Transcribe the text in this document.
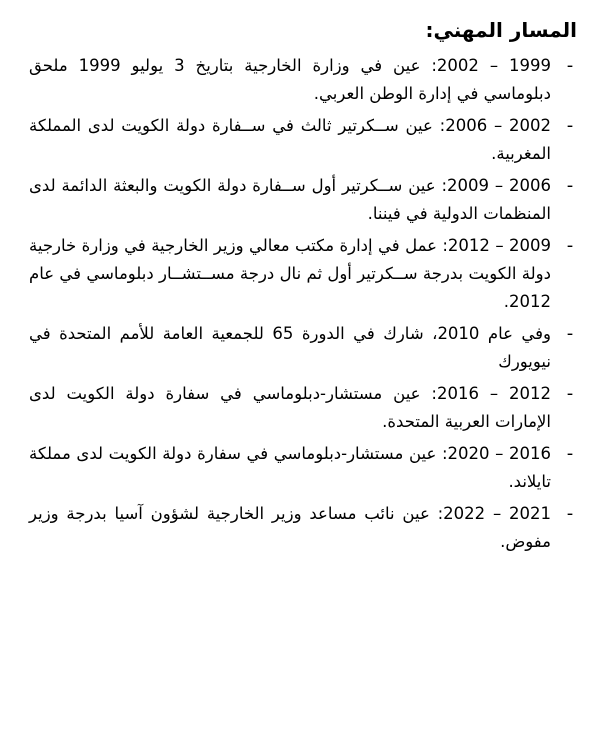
المسار المهني:
-
1999 – 2002: عين في وزارة الخارجية بتاريخ 3 يوليو 1999 ملحق دبلوماسي في إدارة الوطن العربي.
-
2002 – 2006: عين ســكرتير ثالث في ســفارة دولة الكويت لدى المملكة المغربية.
-
2006 – 2009: عين ســكرتير أول ســفارة دولة الكويت والبعثة الدائمة لدى المنظمات الدولية في فيننا.
-
2009 – 2012: عمل في إدارة مكتب معالي وزير الخارجية في وزارة خارجية دولة الكويت بدرجة ســكرتير أول ثم نال درجة مســتشــار دبلوماسي في عام 2012.
-
وفي عام 2010، شارك في الدورة 65 للجمعية العامة للأمم المتحدة في نيويورك
-
2012 – 2016: عين مستشار-دبلوماسي في سفارة دولة الكويت لدى الإمارات العربية المتحدة.
-
2016 – 2020: عين مستشار-دبلوماسي في سفارة دولة الكويت لدى مملكة تايلاند.
-
2021 – 2022: عين نائب مساعد وزير الخارجية لشؤون آسيا بدرجة وزير مفوض.
